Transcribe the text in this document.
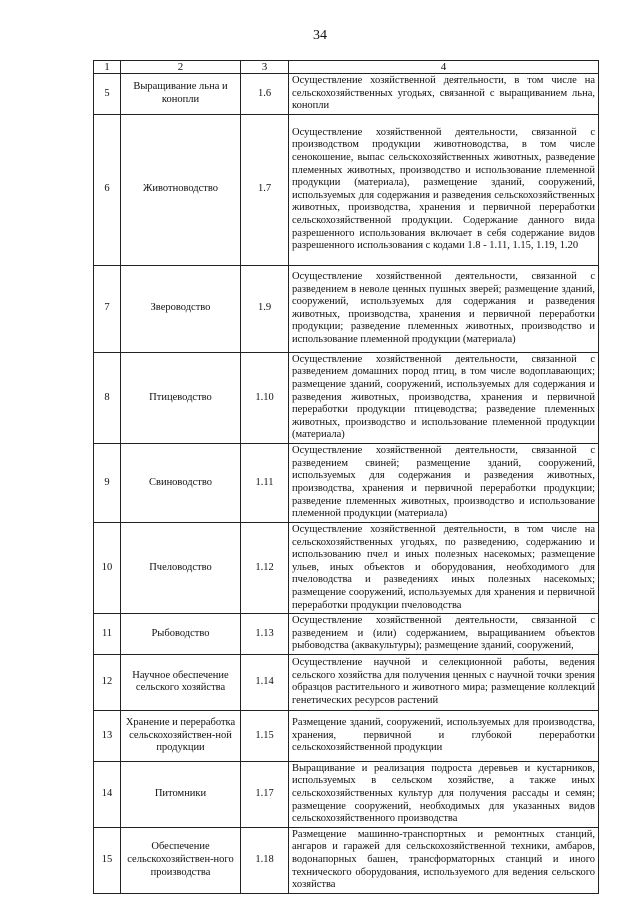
34
1	2	3	4
5	Выращивание льна и конопли	1.6	Осуществление хозяйственной деятельности, в том числе на сельскохозяйственных угодьях, связанной с выращиванием льна, конопли
6	Животноводство	1.7	Осуществление хозяйственной деятельности, связанной с производством продукции животноводства, в том числе сенокошение, выпас сельскохозяйственных животных, разведение племенных животных, производство и использование племенной продукции (материала), размещение зданий, сооружений, используемых для содержания и разведения сельскохозяйственных животных, производства, хранения и первичной переработки сельскохозяйственной продукции. Содержание данного вида разрешенного использования включает в себя содержание видов разрешенного использования с кодами 1.8 - 1.11, 1.15, 1.19, 1.20
7	Звероводство	1.9	Осуществление хозяйственной деятельности, связанной с разведением в неволе ценных пушных зверей; размещение зданий, сооружений, используемых для содержания и разведения животных, производства, хранения и первичной переработки продукции; разведение племенных животных, производство и использование племенной продукции (материала)
8	Птицеводство	1.10	Осуществление хозяйственной деятельности, связанной с разведением домашних пород птиц, в том числе водоплавающих; размещение зданий, сооружений, используемых для содержания и разведения животных, производства, хранения и первичной переработки продукции птицеводства; разведение племенных животных, производство и использование племенной продукции (материала)
9	Свиноводство	1.11	Осуществление хозяйственной деятельности, связанной с разведением свиней; размещение зданий, сооружений, используемых для содержания и разведения животных, производства, хранения и первичной переработки продукции; разведение племенных животных, производство и использование племенной продукции (материала)
10	Пчеловодство	1.12	Осуществление хозяйственной деятельности, в том числе на сельскохозяйственных угодьях, по разведению, содержанию и использованию пчел и иных полезных насекомых; размещение ульев, иных объектов и оборудования, необходимого для пчеловодства и разведениях иных полезных насекомых; размещение сооружений, используемых для хранения и первичной переработки продукции пчеловодства
11	Рыбоводство	1.13	Осуществление хозяйственной деятельности, связанной с разведением и (или) содержанием, выращиванием объектов рыбоводства (аквакультуры); размещение зданий, сооружений,
12	Научное обеспечение сельского хозяйства	1.14	Осуществление научной и селекционной работы, ведения сельского хозяйства для получения ценных с научной точки зрения образцов растительного и животного мира; размещение коллекций генетических ресурсов растений
13	Хранение и переработка сельскохозяйствен-ной продукции	1.15	Размещение зданий, сооружений, используемых для производства, хранения, первичной и глубокой переработки сельскохозяйственной продукции
14	Питомники	1.17	Выращивание и реализация подроста деревьев и кустарников, используемых в сельском хозяйстве, а также иных сельскохозяйственных культур для получения рассады и семян; размещение сооружений, необходимых для указанных видов сельскохозяйственного производства
15	Обеспечение сельскохозяйствен-ного производства	1.18	Размещение машинно-транспортных и ремонтных станций, ангаров и гаражей для сельскохозяйственной техники, амбаров, водонапорных башен, трансформаторных станций и иного технического оборудования, используемого для ведения сельского хозяйства
